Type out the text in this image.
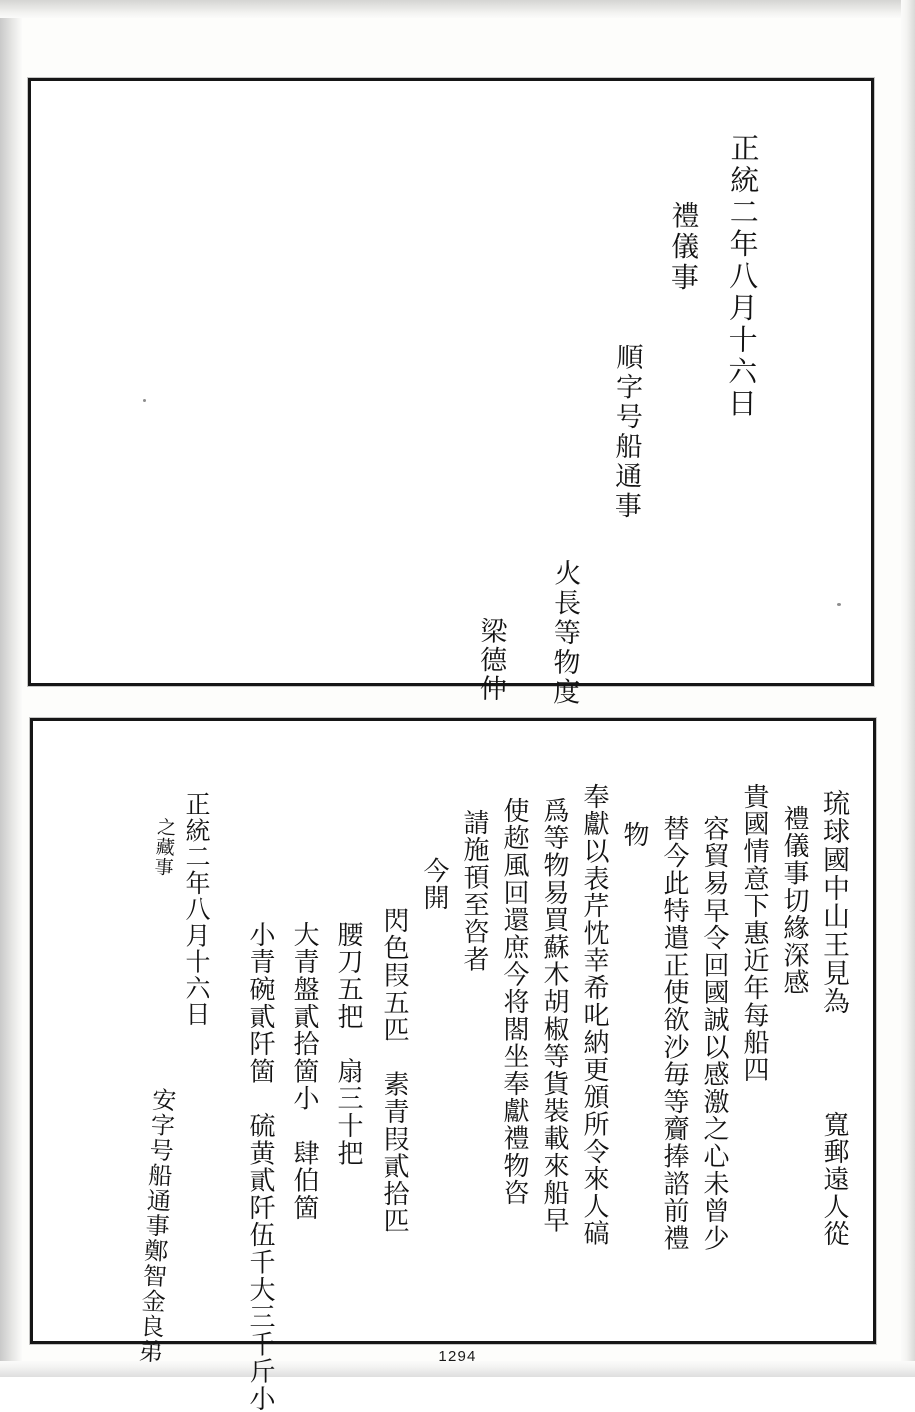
正統二年八月十六日
禮儀事
順字号船通事
火長等物度
梁德仲
琉球國中山王見為
禮儀事切緣深感
貴國情意下惠近年每船四
寬郵遠人從
容貿易早令回國誠以感激之心未曾少
替今此特遣正使欲沙毎等齎捧諮前禮
物
奉獻以表芹忱幸希叱納更頒所令來人碻
爲等物易買蘇木胡椒等貨裝載來船早
使趂風回還庶今将閤坐奉獻禮物咨
請施頇至咨者
今開
閃色叚五匹　素青叚貳拾匹
腰刀五把　扇三十把
大青盤貳拾箇小　肆伯箇
小青碗貳阡箇　硫黄貳阡伍千大三千斤小
正統二年八月十六日
安字号船通事鄭智金良弟
之藏事
1294
